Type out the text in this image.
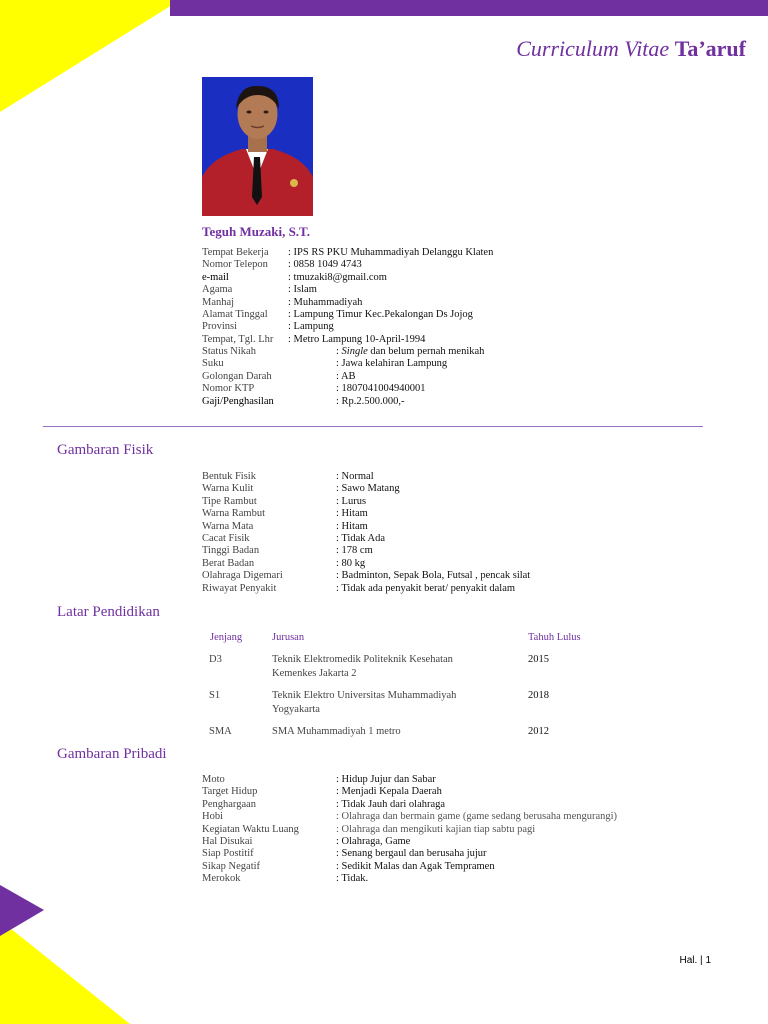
Curriculum Vitae Ta’aruf
Teguh Muzaki, S.T.
Tempat Bekerja : IPS RS PKU Muhammadiyah Delanggu Klaten
Nomor Telepon : 0858 1049 4743
e-mail	: tmuzaki8@gmail.com
Agama	: Islam
Manhaj	: Muhammadiyah
Alamat Tinggal : Lampung Timur Kec.Pekalongan Ds Jojog
Provinsi	: Lampung
Tempat, Tgl. Lhr : Metro Lampung 10-April-1994
Status Nikah	: Single dan belum pernah menikah
Suku	: Jawa kelahiran Lampung
Golongan Darah	: AB
Nomor KTP	: 1807041004940001
Gaji/Penghasilan	: Rp.2.500.000,-
Gambaran Fisik
Bentuk Fisik	: Normal
Warna Kulit	: Sawo Matang
Tipe Rambut	: Lurus
Warna Rambut	: Hitam
Warna Mata	: Hitam
Cacat Fisik	: Tidak Ada
Tinggi Badan	: 178 cm
Berat Badan	: 80 kg
Olahraga Digemari	: Badminton, Sepak Bola, Futsal , pencak silat
Riwayat Penyakit	: Tidak ada penyakit berat/ penyakit dalam
Latar Pendidikan
Jenjang	Jurusan	Tahuh Lulus
D3	Teknik Elektromedik Politeknik Kesehatan
Kemenkes Jakarta 2	2015
S1	Teknik Elektro Universitas Muhammadiyah
Yogyakarta	2018
SMA	SMA Muhammadiyah 1 metro	2012
Gambaran Pribadi
Moto	: Hidup Jujur dan Sabar
Target Hidup	: Menjadi Kepala Daerah
Penghargaan	: Tidak Jauh dari olahraga
Hobi	: Olahraga dan bermain game (game sedang berusaha mengurangi)
Kegiatan Waktu Luang	: Olahraga dan mengikuti kajian tiap sabtu pagi
Hal Disukai	: Olahraga, Game
Siap Postitif	: Senang bergaul dan berusaha jujur
Sikap Negatif	: Sedikit Malas dan Agak Tempramen
Merokok	: Tidak.
Hal. | 1
